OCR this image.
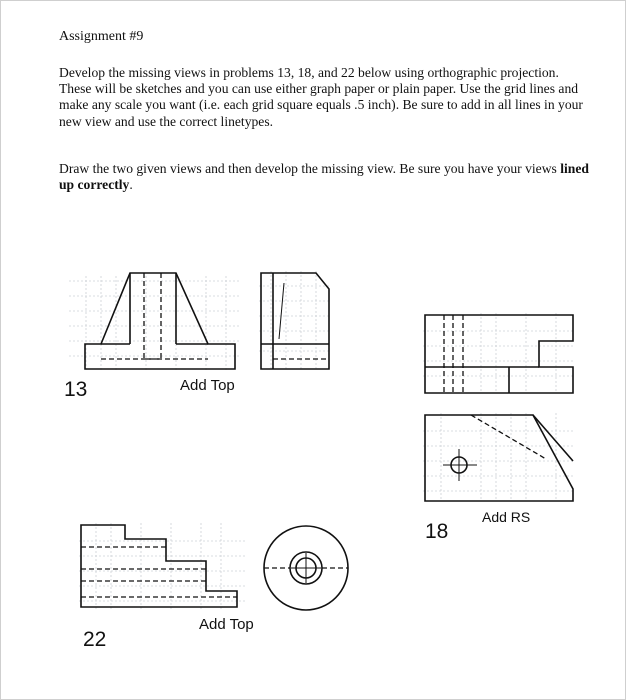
Assignment #9

Develop the missing views in problems 13, 18, and 22 below using orthographic projection. These will be sketches and you can use either graph paper or plain paper. Use the grid lines and make any scale you want (i.e. each grid square equals .5 inch). Be sure to add in all lines in your new view and use the correct linetypes.

Draw the two given views and then develop the missing view. Be sure you have your views lined up correctly.

13	Add Top
18
Add RS
22
Add Top
